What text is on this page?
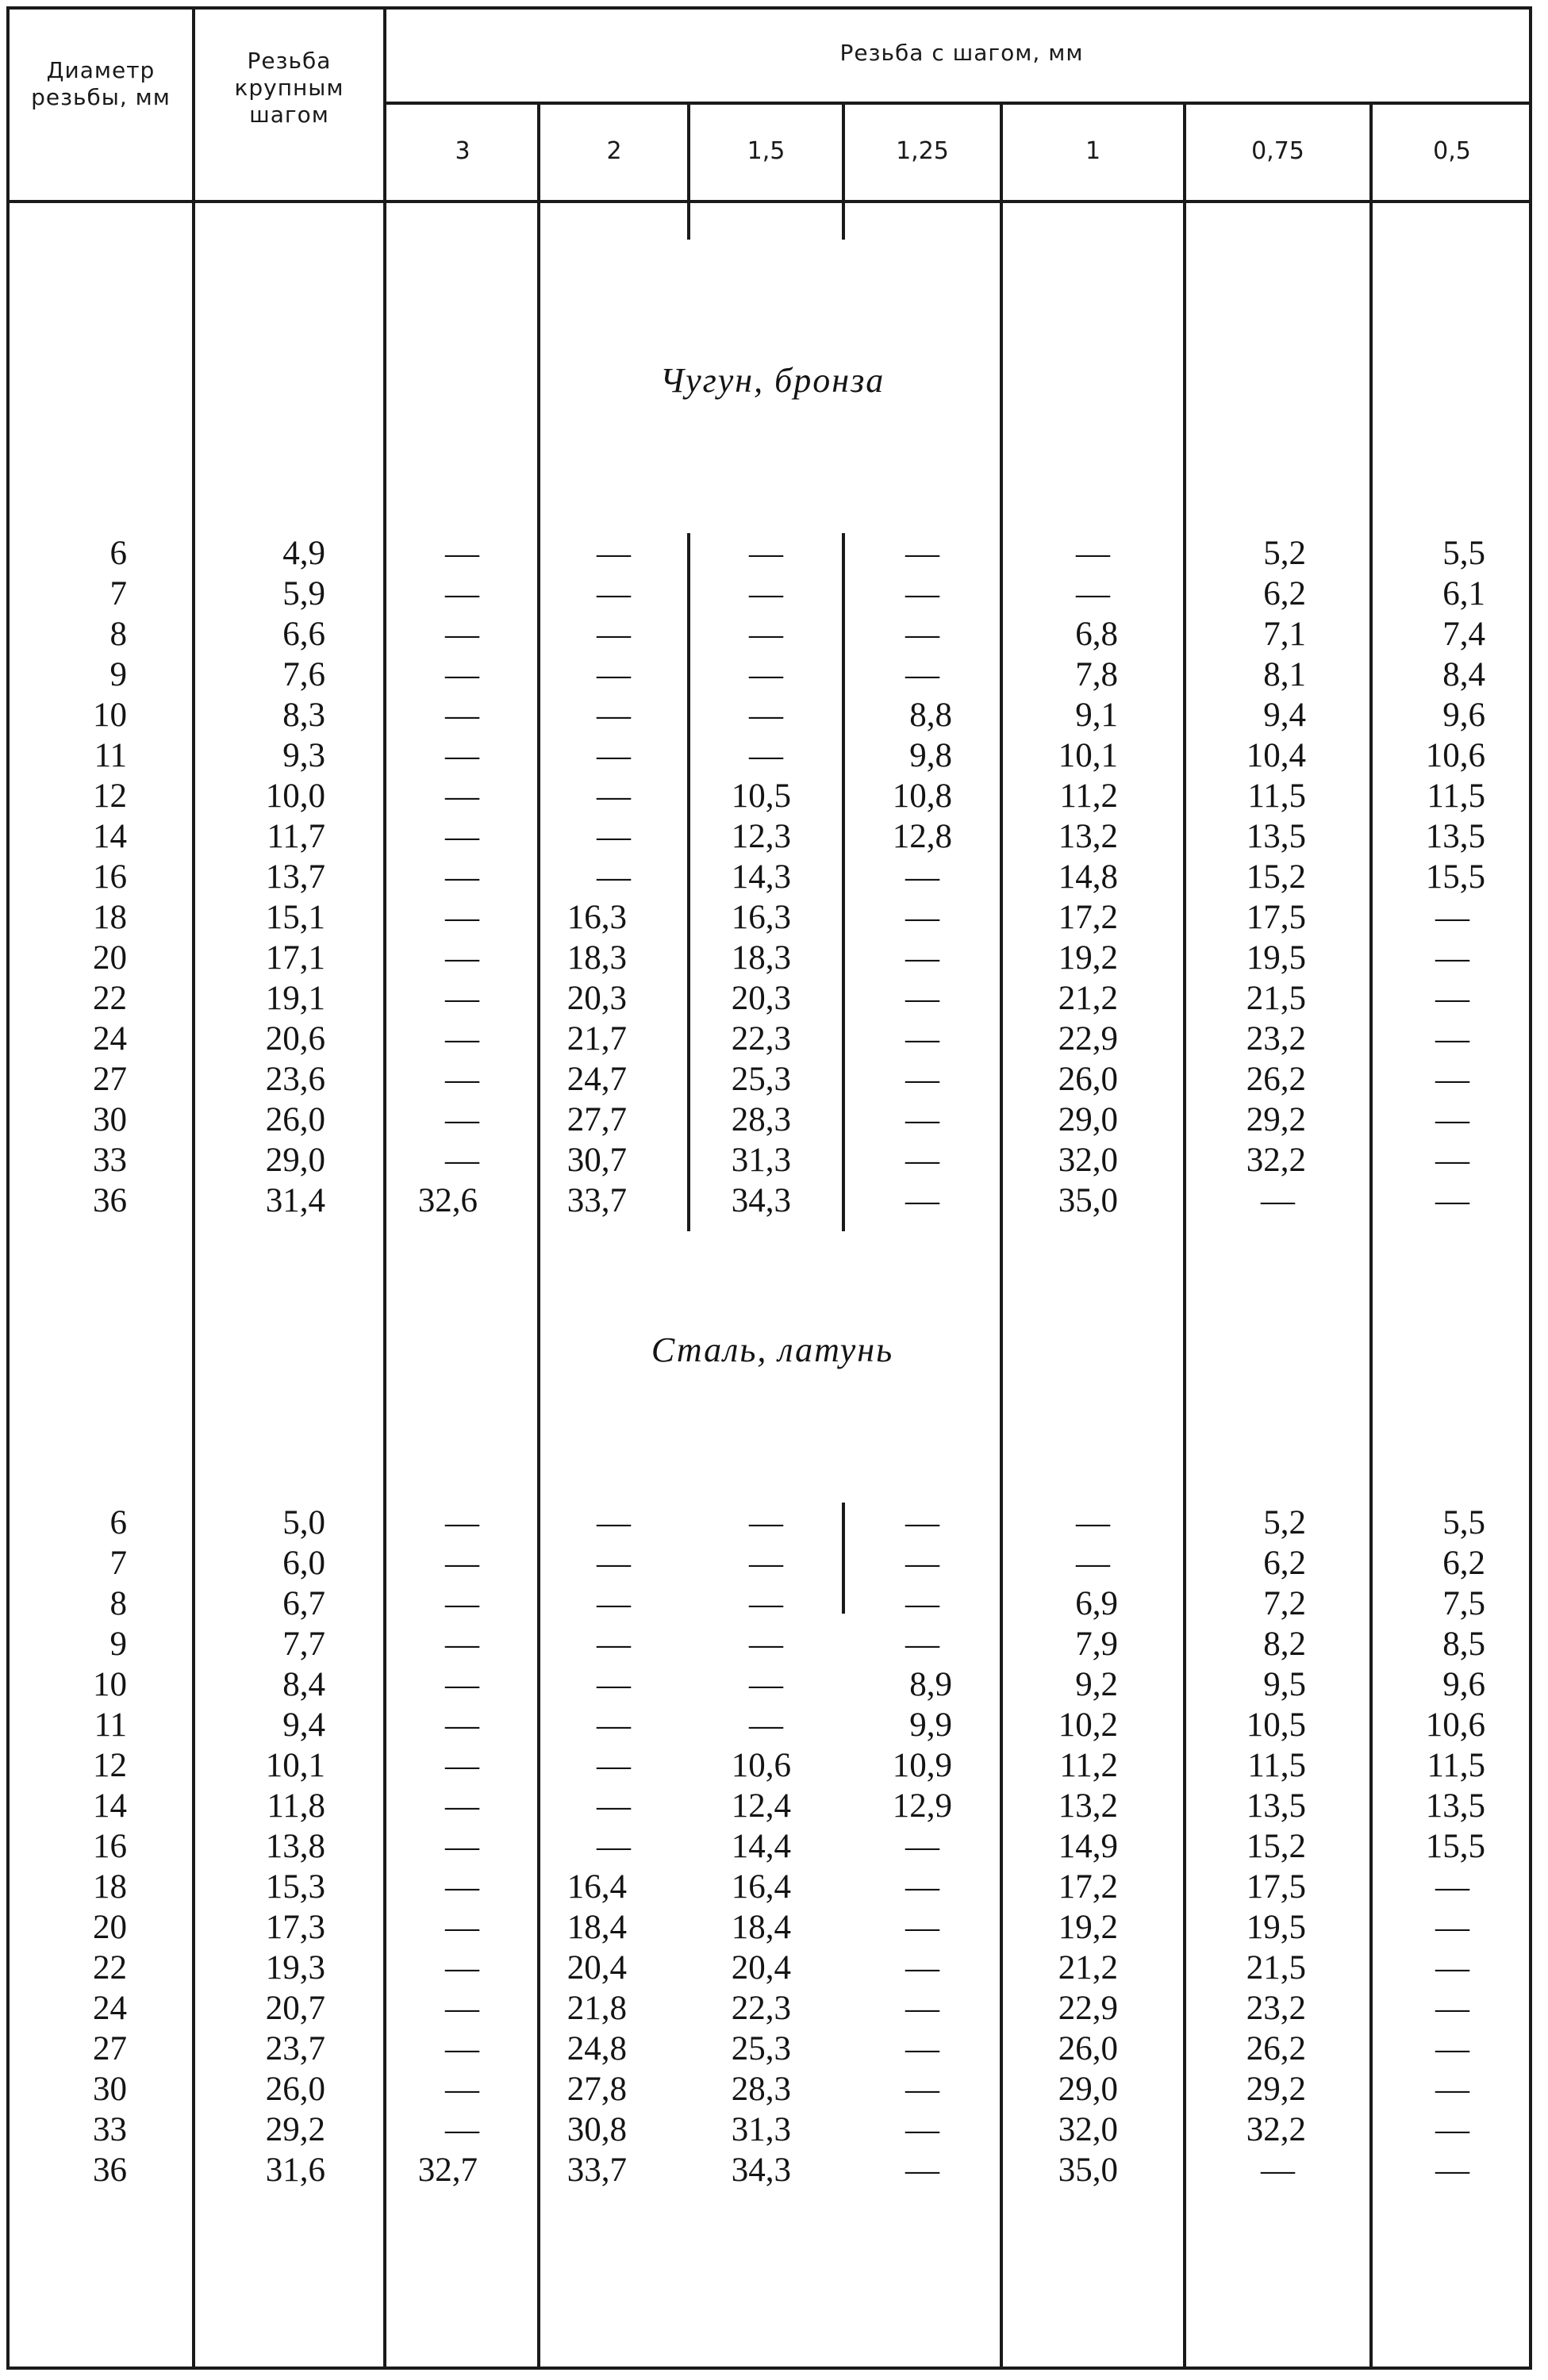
Диаметр резьбы, мм
Резьба крупным шагом
Резьба с шагом, мм
3	2	1,5	1,25	1	0,75	0,5
Чугун, бронза
Сталь, латунь
6	4,9	—	—	—	—	—	5,2	5,5
7	5,9	—	—	—	—	—	6,2	6,1
8	6,6	—	—	—	—	6,8	7,1	7,4
9	7,6	—	—	—	—	7,8	8,1	8,4
10	8,3	—	—	—	8,8	9,1	9,4	9,6
11	9,3	—	—	—	9,8	10,1	10,4	10,6
12	10,0	—	—	10,5	10,8	11,2	11,5	11,5
14	11,7	—	—	12,3	12,8	13,2	13,5	13,5
16	13,7	—	—	14,3	—	14,8	15,2	15,5
18	15,1	—	16,3	16,3	—	17,2	17,5	—
20	17,1	—	18,3	18,3	—	19,2	19,5	—
22	19,1	—	20,3	20,3	—	21,2	21,5	—
24	20,6	—	21,7	22,3	—	22,9	23,2	—
27	23,6	—	24,7	25,3	—	26,0	26,2	—
30	26,0	—	27,7	28,3	—	29,0	29,2	—
33	29,0	—	30,7	31,3	—	32,0	32,2	—
36	31,4	32,6	33,7	34,3	—	35,0	—	—
6	5,0	—	—	—	—	—	5,2	5,5
7	6,0	—	—	—	—	—	6,2	6,2
8	6,7	—	—	—	—	6,9	7,2	7,5
9	7,7	—	—	—	—	7,9	8,2	8,5
10	8,4	—	—	—	8,9	9,2	9,5	9,6
11	9,4	—	—	—	9,9	10,2	10,5	10,6
12	10,1	—	—	10,6	10,9	11,2	11,5	11,5
14	11,8	—	—	12,4	12,9	13,2	13,5	13,5
16	13,8	—	—	14,4	—	14,9	15,2	15,5
18	15,3	—	16,4	16,4	—	17,2	17,5	—
20	17,3	—	18,4	18,4	—	19,2	19,5	—
22	19,3	—	20,4	20,4	—	21,2	21,5	—
24	20,7	—	21,8	22,3	—	22,9	23,2	—
27	23,7	—	24,8	25,3	—	26,0	26,2	—
30	26,0	—	27,8	28,3	—	29,0	29,2	—
33	29,2	—	30,8	31,3	—	32,0	32,2	—
36	31,6	32,7	33,7	34,3	—	35,0	—	—
